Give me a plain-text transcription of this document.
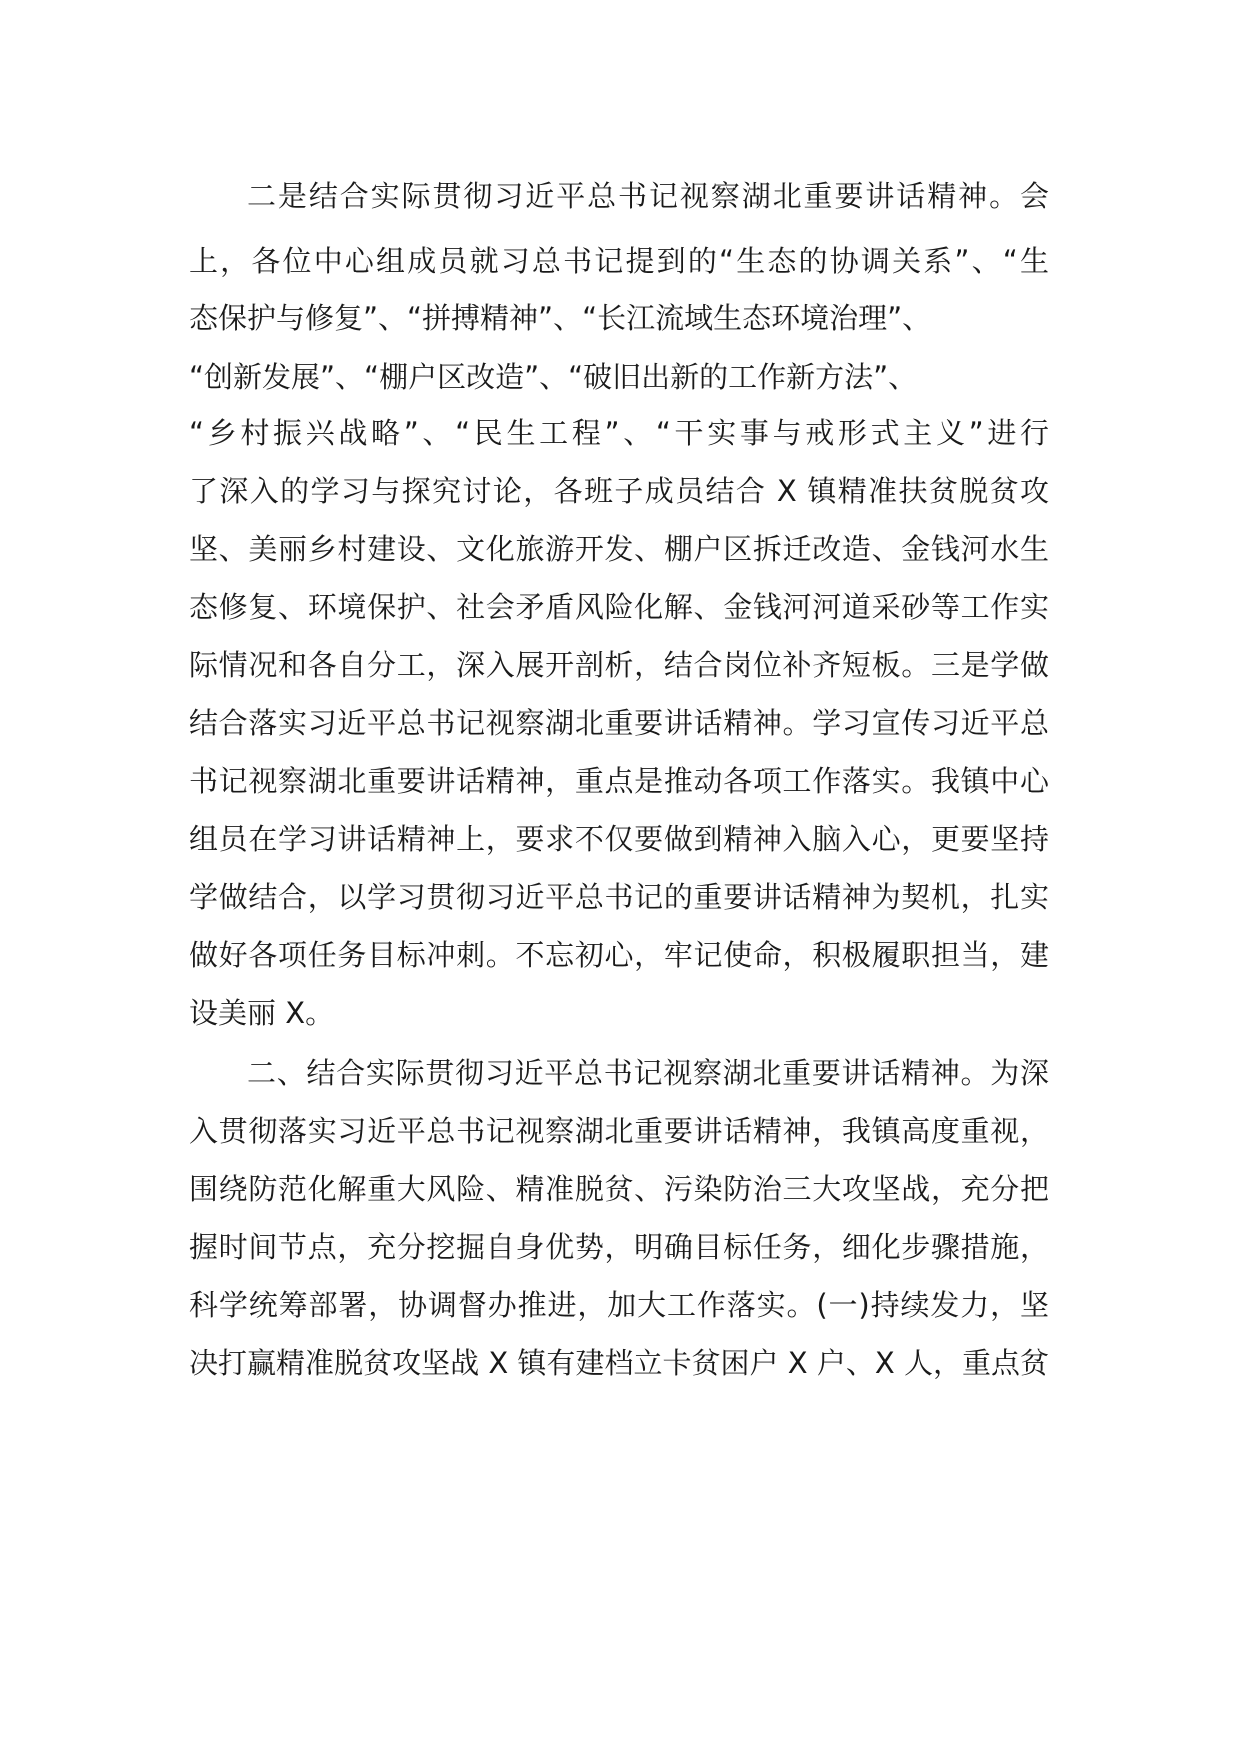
二是结合实际贯彻习近平总书记视察湖北重要讲话精神。会
上，各位中心组成员就习总书记提到的“生态的协调关系”、“生
态保护与修复”、“拼搏精神”、“长江流域生态环境治理”、
“创新发展”、“棚户区改造”、“破旧出新的工作新方法”、
“乡村振兴战略”、“民生工程”、“干实事与戒形式主义”进行
了深入的学习与探究讨论，各班子成员结合 X 镇精准扶贫脱贫攻
坚、美丽乡村建设、文化旅游开发、棚户区拆迁改造、金钱河水生
态修复、环境保护、社会矛盾风险化解、金钱河河道采砂等工作实
际情况和各自分工，深入展开剖析，结合岗位补齐短板。三是学做
结合落实习近平总书记视察湖北重要讲话精神。学习宣传习近平总
书记视察湖北重要讲话精神，重点是推动各项工作落实。我镇中心
组员在学习讲话精神上，要求不仅要做到精神入脑入心，更要坚持
学做结合，以学习贯彻习近平总书记的重要讲话精神为契机，扎实
做好各项任务目标冲刺。不忘初心，牢记使命，积极履职担当，建
设美丽 X。
二、结合实际贯彻习近平总书记视察湖北重要讲话精神。为深
入贯彻落实习近平总书记视察湖北重要讲话精神，我镇高度重视，
围绕防范化解重大风险、精准脱贫、污染防治三大攻坚战，充分把
握时间节点，充分挖掘自身优势，明确目标任务，细化步骤措施，
科学统筹部署，协调督办推进，加大工作落实。(一)持续发力，坚
决打赢精准脱贫攻坚战 X 镇有建档立卡贫困户 X 户、X 人，重点贫
